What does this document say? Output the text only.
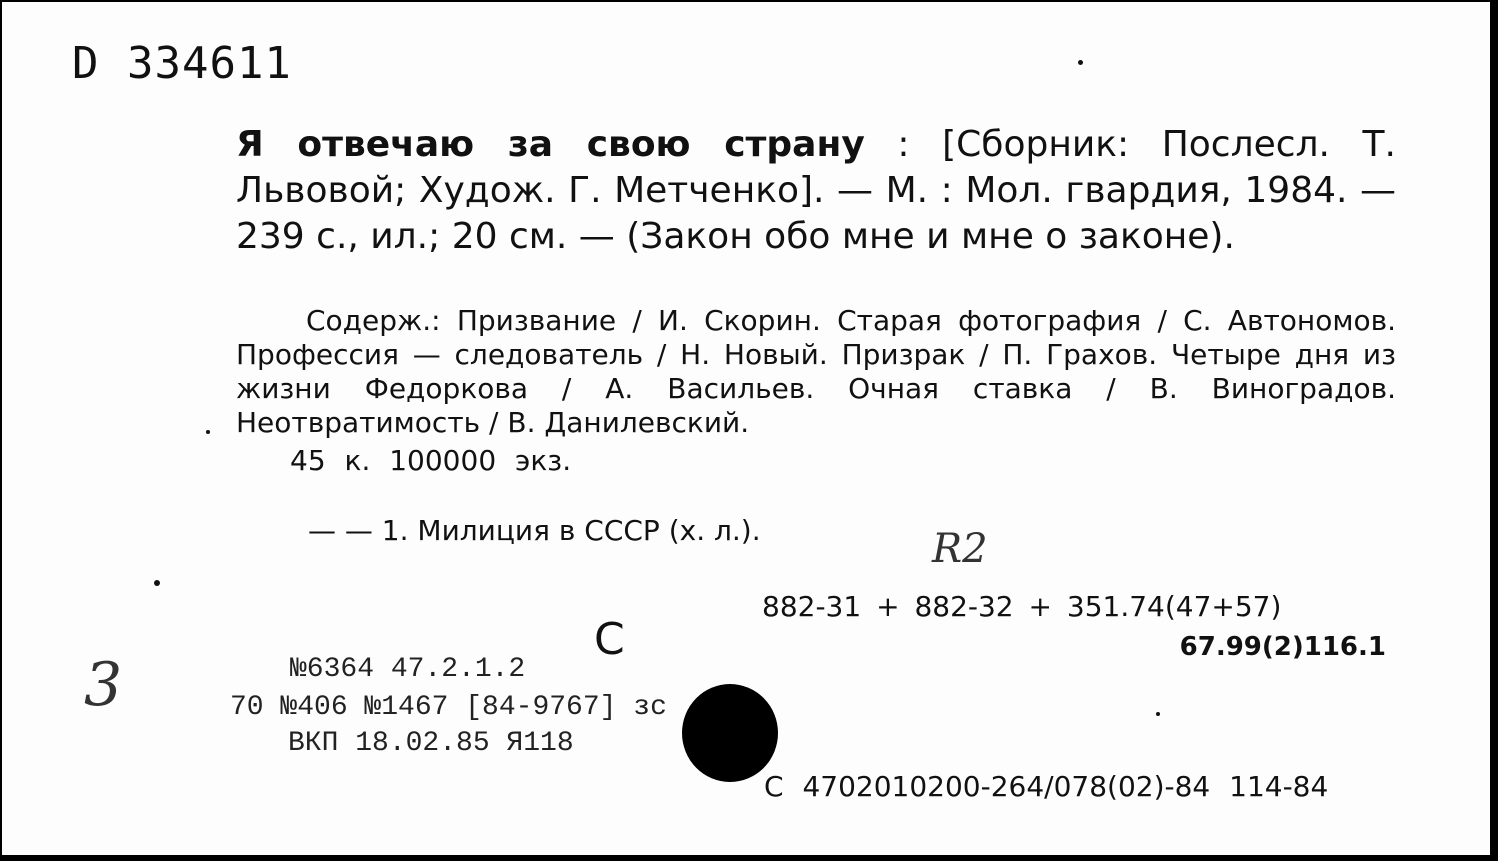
D 334611
Я отвечаю за свою страну : [Сборник: Послесл. Т. Львовой; Худож. Г. Метченко]. — М. : Мол. гвардия, 1984. — 239 с., ил.; 20 см. — (Закон обо мне и мне о законе).
Содерж.: Призвание / И. Скорин. Старая фотография / С. Автономов. Профессия — следователь / Н. Новый. Призрак / П. Грахов. Четыре дня из жизни Федоркова / А. Васильев. Очная ставка / В. Виноградов. Неотвратимость / В. Данилевский.
45 к. 100000 экз.
— — 1. Милиция в СССР (х. л.).	R2
882-31 + 882-32 + 351.74(47+57)
67.99(2)116.1
С
3	№6364 47.2.1.2
70 №406 №1467 [84-9767] зс
ВКП 18.02.85 Я118
С 4702010200-264/078(02)-84 114-84
